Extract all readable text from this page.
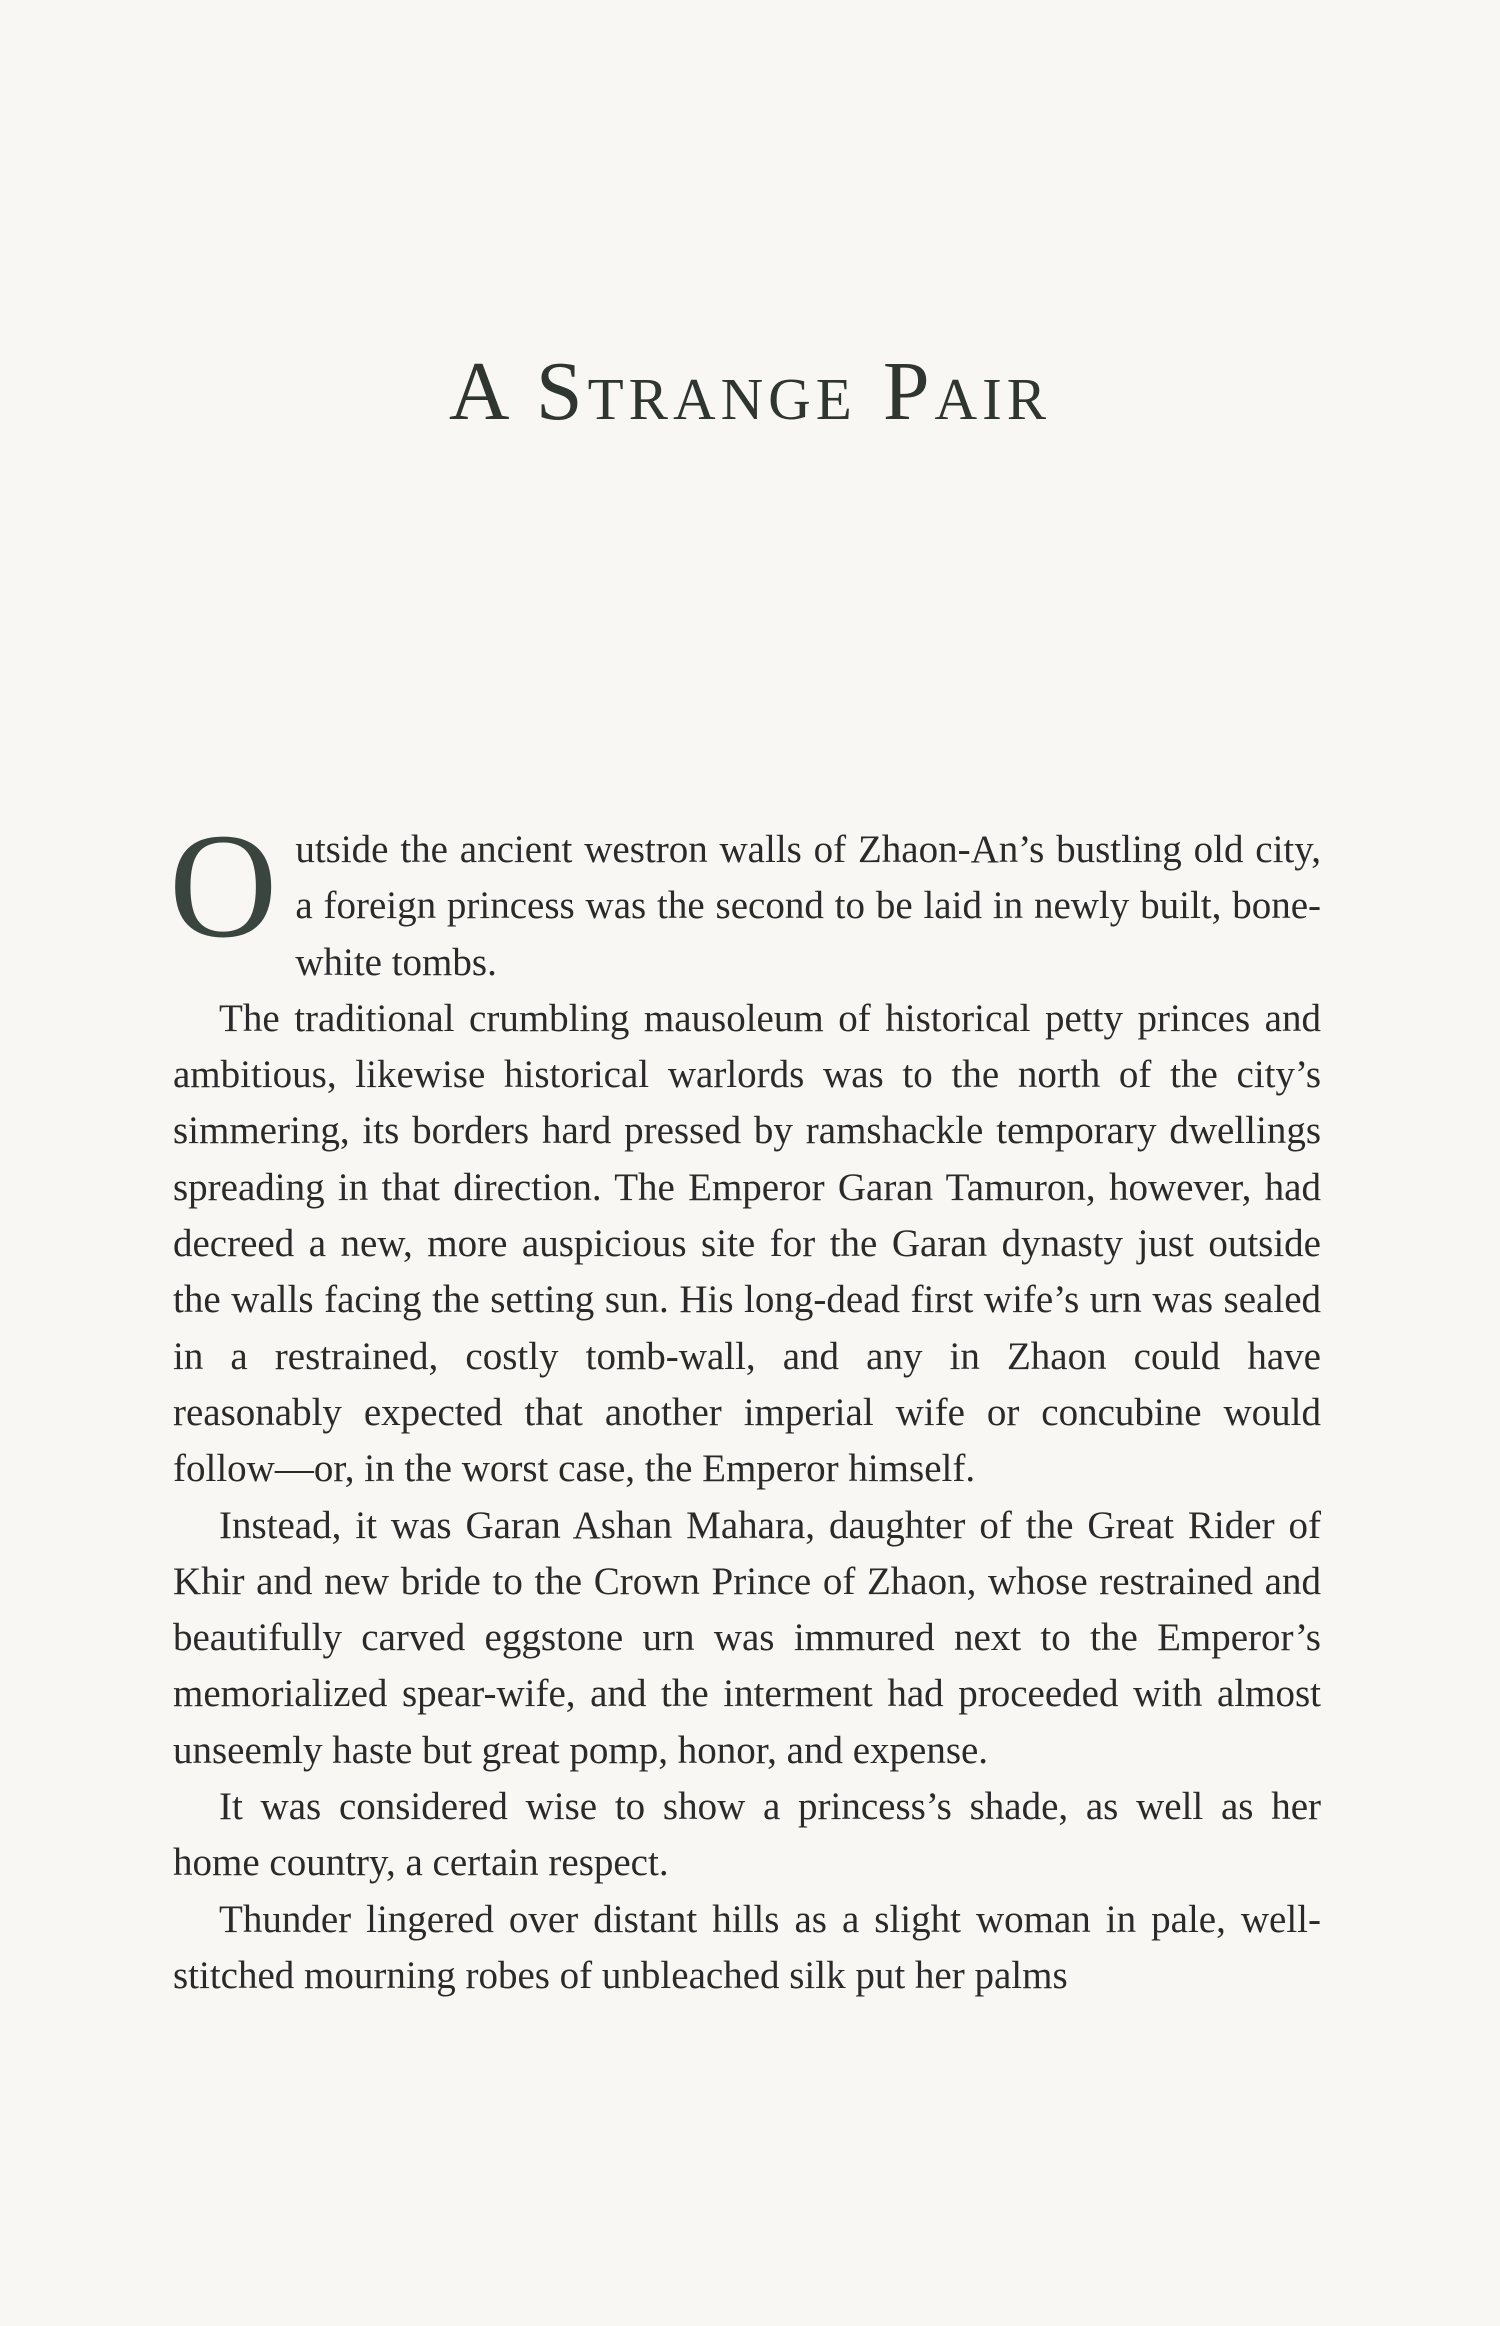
A Strange Pair

Outside the ancient westron walls of Zhaon-An’s bustling old city, a foreign princess was the second to be laid in newly built, bone-white tombs.

The traditional crumbling mausoleum of historical petty princes and ambitious, likewise historical warlords was to the north of the city’s simmering, its borders hard pressed by ramshackle temporary dwellings spreading in that direction. The Emperor Garan Tamuron, however, had decreed a new, more auspicious site for the Garan dynasty just outside the walls facing the setting sun. His long-dead first wife’s urn was sealed in a restrained, costly tomb-wall, and any in Zhaon could have reasonably expected that another imperial wife or concubine would follow—or, in the worst case, the Emperor himself.

Instead, it was Garan Ashan Mahara, daughter of the Great Rider of Khir and new bride to the Crown Prince of Zhaon, whose restrained and beautifully carved eggstone urn was immured next to the Emperor’s memorialized spear-wife, and the interment had proceeded with almost unseemly haste but great pomp, honor, and expense.

It was considered wise to show a princess’s shade, as well as her home country, a certain respect.

Thunder lingered over distant hills as a slight woman in pale, well-stitched mourning robes of unbleached silk put her palms
